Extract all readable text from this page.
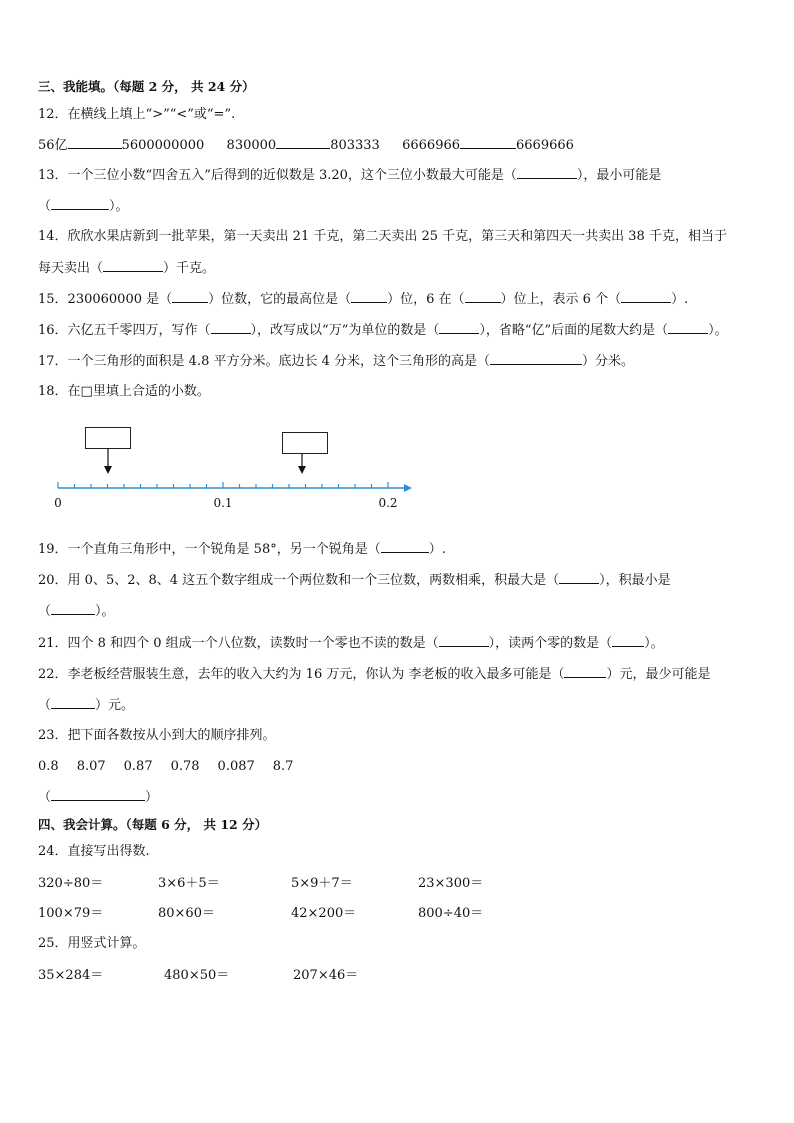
三、我能填。（每题 2 分， 共 24 分）
12．在横线上填上“>”“<”或“=”.
56亿	5600000000 830000	803333 6666966	6669666
13．一个三位小数“四舍五入”后得到的近似数是 3.20，这个三位小数最大可能是（	），最小可能是
（	）。
14．欣欣水果店新到一批苹果，第一天卖出 21 千克，第二天卖出 25 千克，第三天和第四天一共卖出 38 千克，相当于
每天卖出（	）千克。
15．230060000 是（	）位数，它的最高位是（	）位，6 在（	）位上，表示 6 个（	）.
16．六亿五千零四万，写作（	），改写成以“万”为单位的数是（	），省略“亿”后面的尾数大约是（	）。
17．一个三角形的面积是 4.8 平方分米。底边长 4 分米，这个三角形的高是（	）分米。
18．在□里填上合适的小数。
0	0.1	0.2
19．一个直角三角形中，一个锐角是 58°，另一个锐角是（	）.
20．用 0、5、2、8、4 这五个数字组成一个两位数和一个三位数，两数相乘，积最大是（	），积最小是
（	）。
21．四个 8 和四个 0 组成一个八位数，读数时一个零也不读的数是（	），读两个零的数是（ ）。
22．李老板经营服装生意，去年的收入大约为 16 万元，你认为 李老板的收入最多可能是（	）元，最少可能是
（	）元。
23．把下面各数按从小到大的顺序排列。
0.8 8.07 0.87 0.78 0.087 8.7
（	）
四、我会计算。（每题 6 分， 共 12 分）
24．直接写出得数.
320÷80＝	3×6＋5＝	5×9＋7＝	23×300＝
100×79＝	80×60＝	42×200＝	800÷40＝
25．用竖式计算。
35×284＝	480×50＝	207×46＝
